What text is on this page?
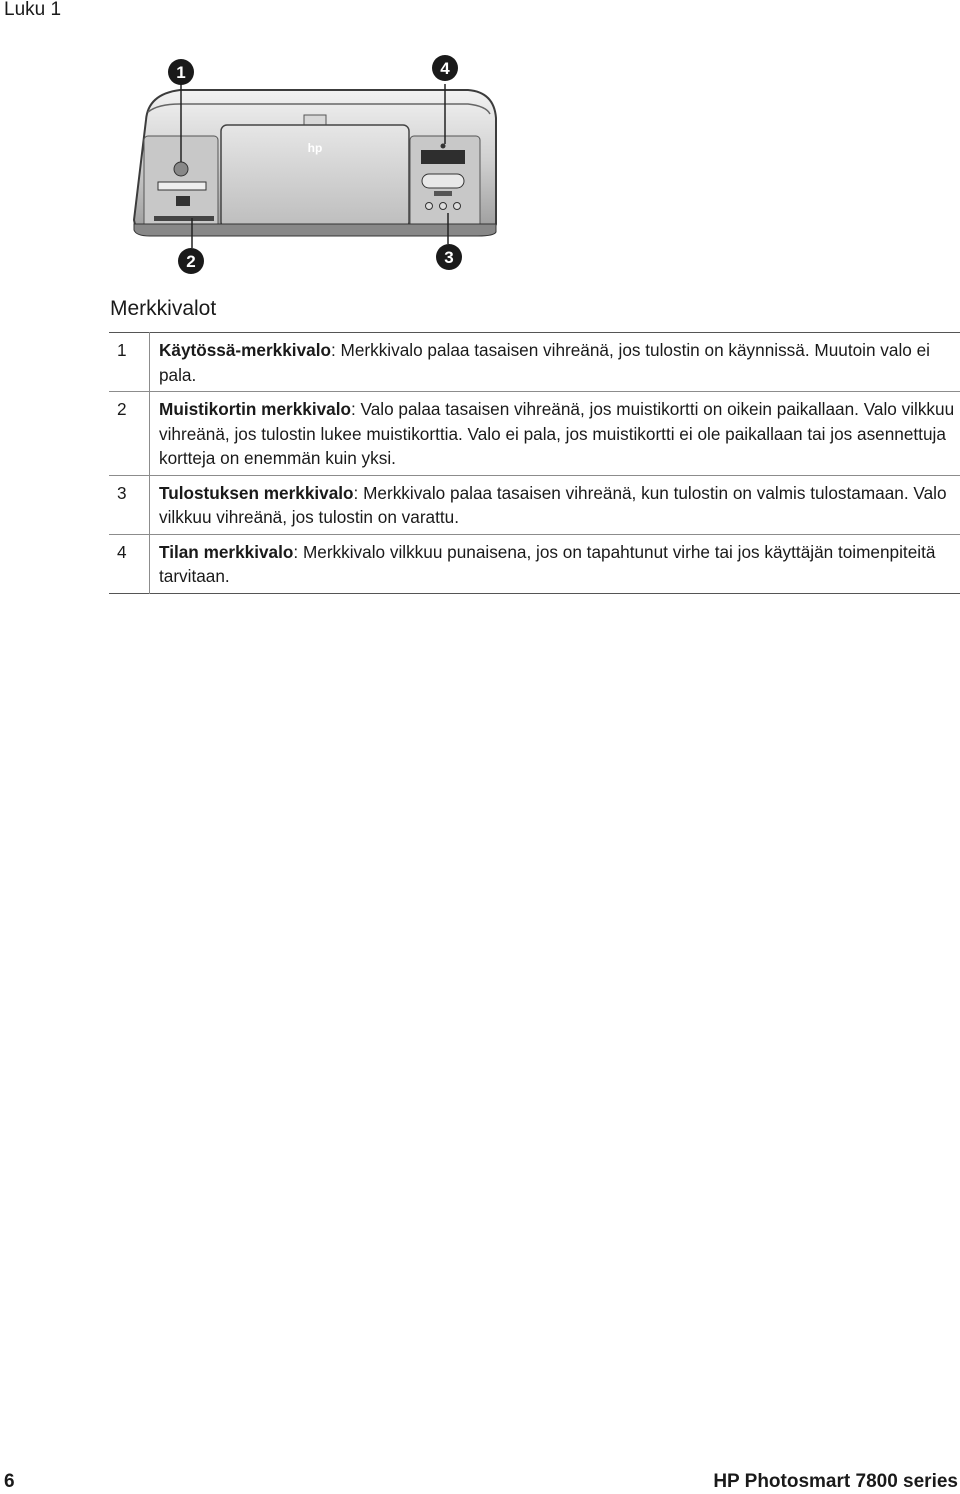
Luku 1
hp
1
2	3
4
Merkkivalot
1	Käytössä-merkkivalo: Merkkivalo palaa tasaisen vihreänä, jos tulostin on käynnissä. Muutoin valo ei pala.
2	Muistikortin merkkivalo: Valo palaa tasaisen vihreänä, jos muistikortti on oikein paikallaan. Valo vilkkuu vihreänä, jos tulostin lukee muistikorttia. Valo ei pala, jos muistikortti ei ole paikallaan tai jos asennettuja kortteja on enemmän kuin yksi.
3	Tulostuksen merkkivalo: Merkkivalo palaa tasaisen vihreänä, kun tulostin on valmis tulostamaan. Valo vilkkuu vihreänä, jos tulostin on varattu.
4	Tilan merkkivalo: Merkkivalo vilkkuu punaisena, jos on tapahtunut virhe tai jos käyttäjän toimenpiteitä tarvitaan.
6	HP Photosmart 7800 series
